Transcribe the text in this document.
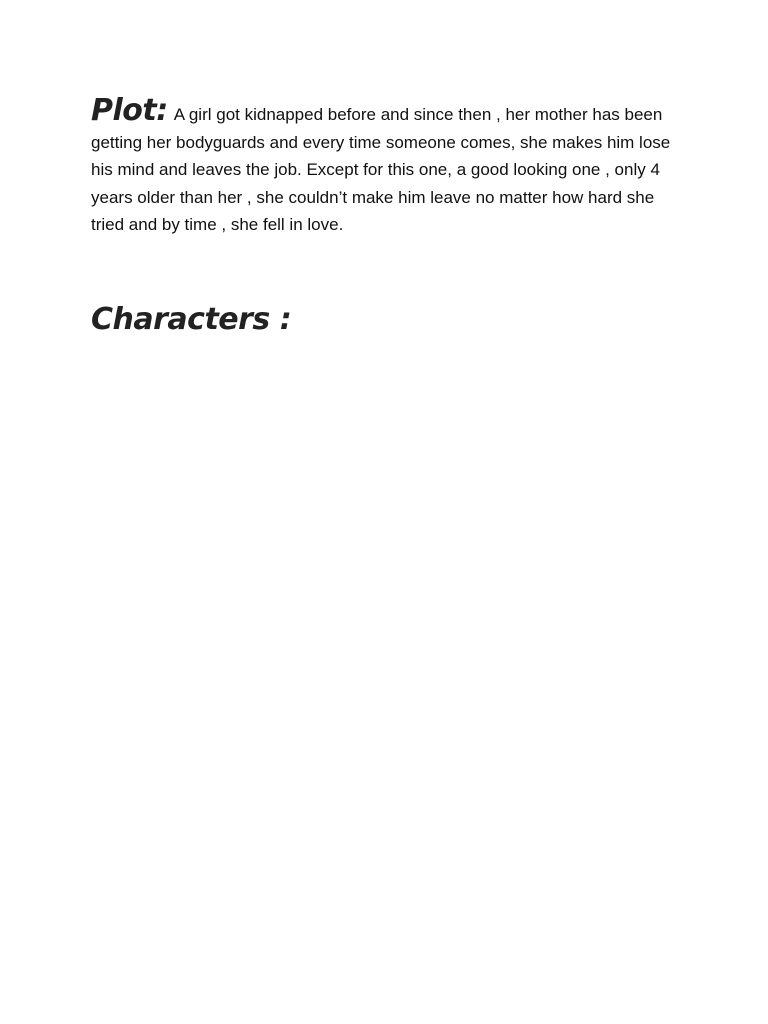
Plot: A girl got kidnapped before and since then , her mother has been getting her bodyguards and every time someone comes, she makes him lose his mind and leaves the job. Except for this one, a good looking one , only 4 years older than her , she couldn’t make him leave no matter how hard she tried and by time , she fell in love.

Characters :
